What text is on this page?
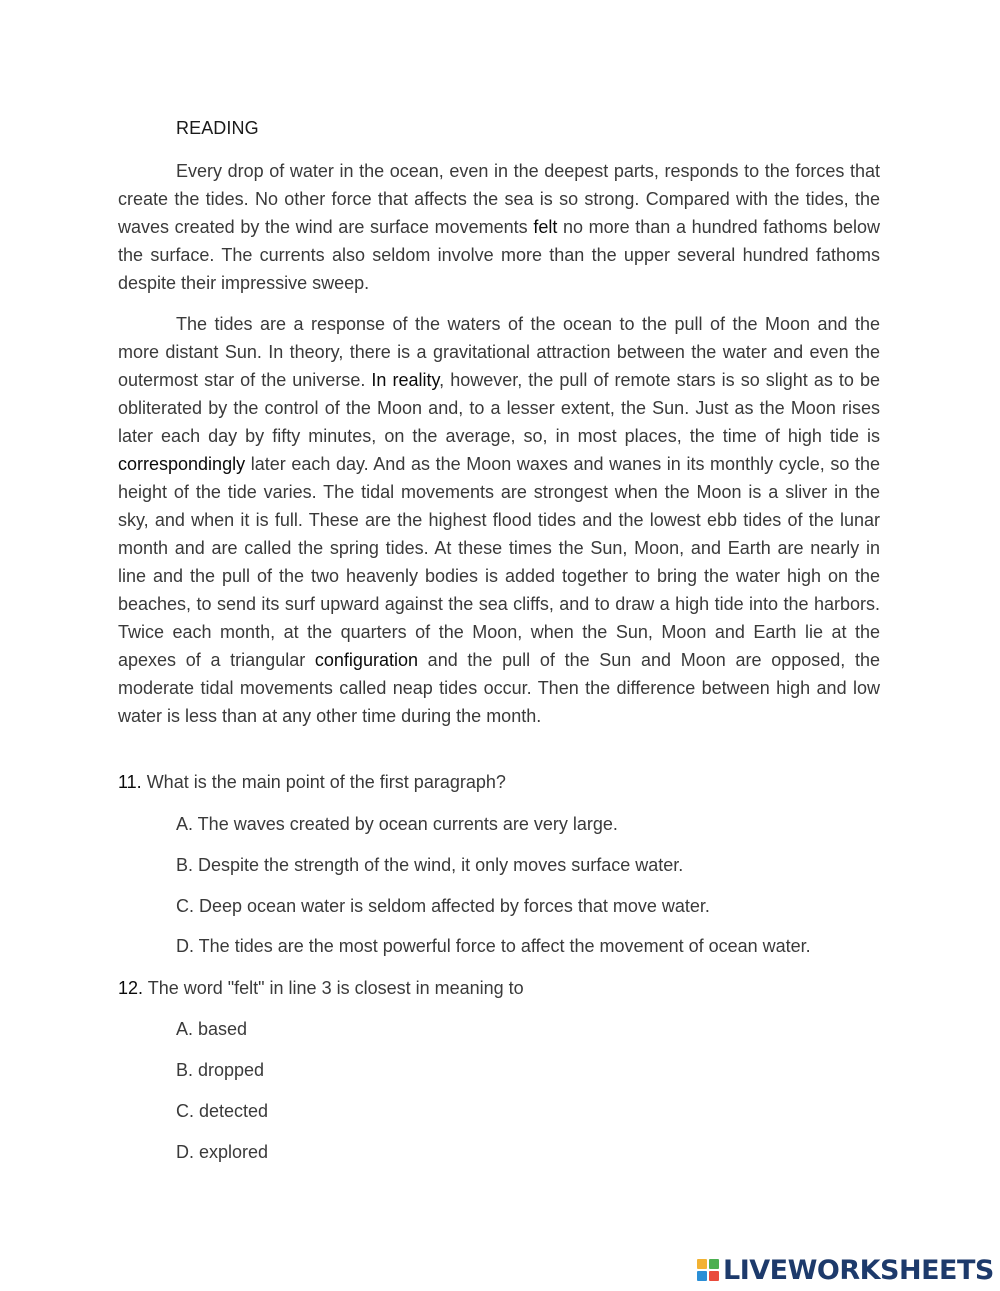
READING

Every drop of water in the ocean, even in the deepest parts, responds to the forces that create the tides. No other force that affects the sea is so strong. Compared with the tides, the waves created by the wind are surface movements felt no more than a hundred fathoms below the surface. The currents also seldom involve more than the upper several hundred fathoms despite their impressive sweep.

The tides are a response of the waters of the ocean to the pull of the Moon and the more distant Sun. In theory, there is a gravitational attraction between the water and even the outermost star of the universe. In reality, however, the pull of remote stars is so slight as to be obliterated by the control of the Moon and, to a lesser extent, the Sun. Just as the Moon rises later each day by fifty minutes, on the average, so, in most places, the time of high tide is correspondingly later each day. And as the Moon waxes and wanes in its monthly cycle, so the height of the tide varies. The tidal movements are strongest when the Moon is a sliver in the sky, and when it is full. These are the highest flood tides and the lowest ebb tides of the lunar month and are called the spring tides. At these times the Sun, Moon, and Earth are nearly in line and the pull of the two heavenly bodies is added together to bring the water high on the beaches, to send its surf upward against the sea cliffs, and to draw a high tide into the harbors. Twice each month, at the quarters of the Moon, when the Sun, Moon and Earth lie at the apexes of a triangular configuration and the pull of the Sun and Moon are opposed, the moderate tidal movements called neap tides occur. Then the difference between high and low water is less than at any other time during the month.

11. What is the main point of the first paragraph?
A. The waves created by ocean currents are very large.
B. Despite the strength of the wind, it only moves surface water.
C. Deep ocean water is seldom affected by forces that move water.
D. The tides are the most powerful force to affect the movement of ocean water.
12. The word "felt" in line 3 is closest in meaning to
A. based
B. dropped
C. detected
D. explored
LIVEWORKSHEETS
